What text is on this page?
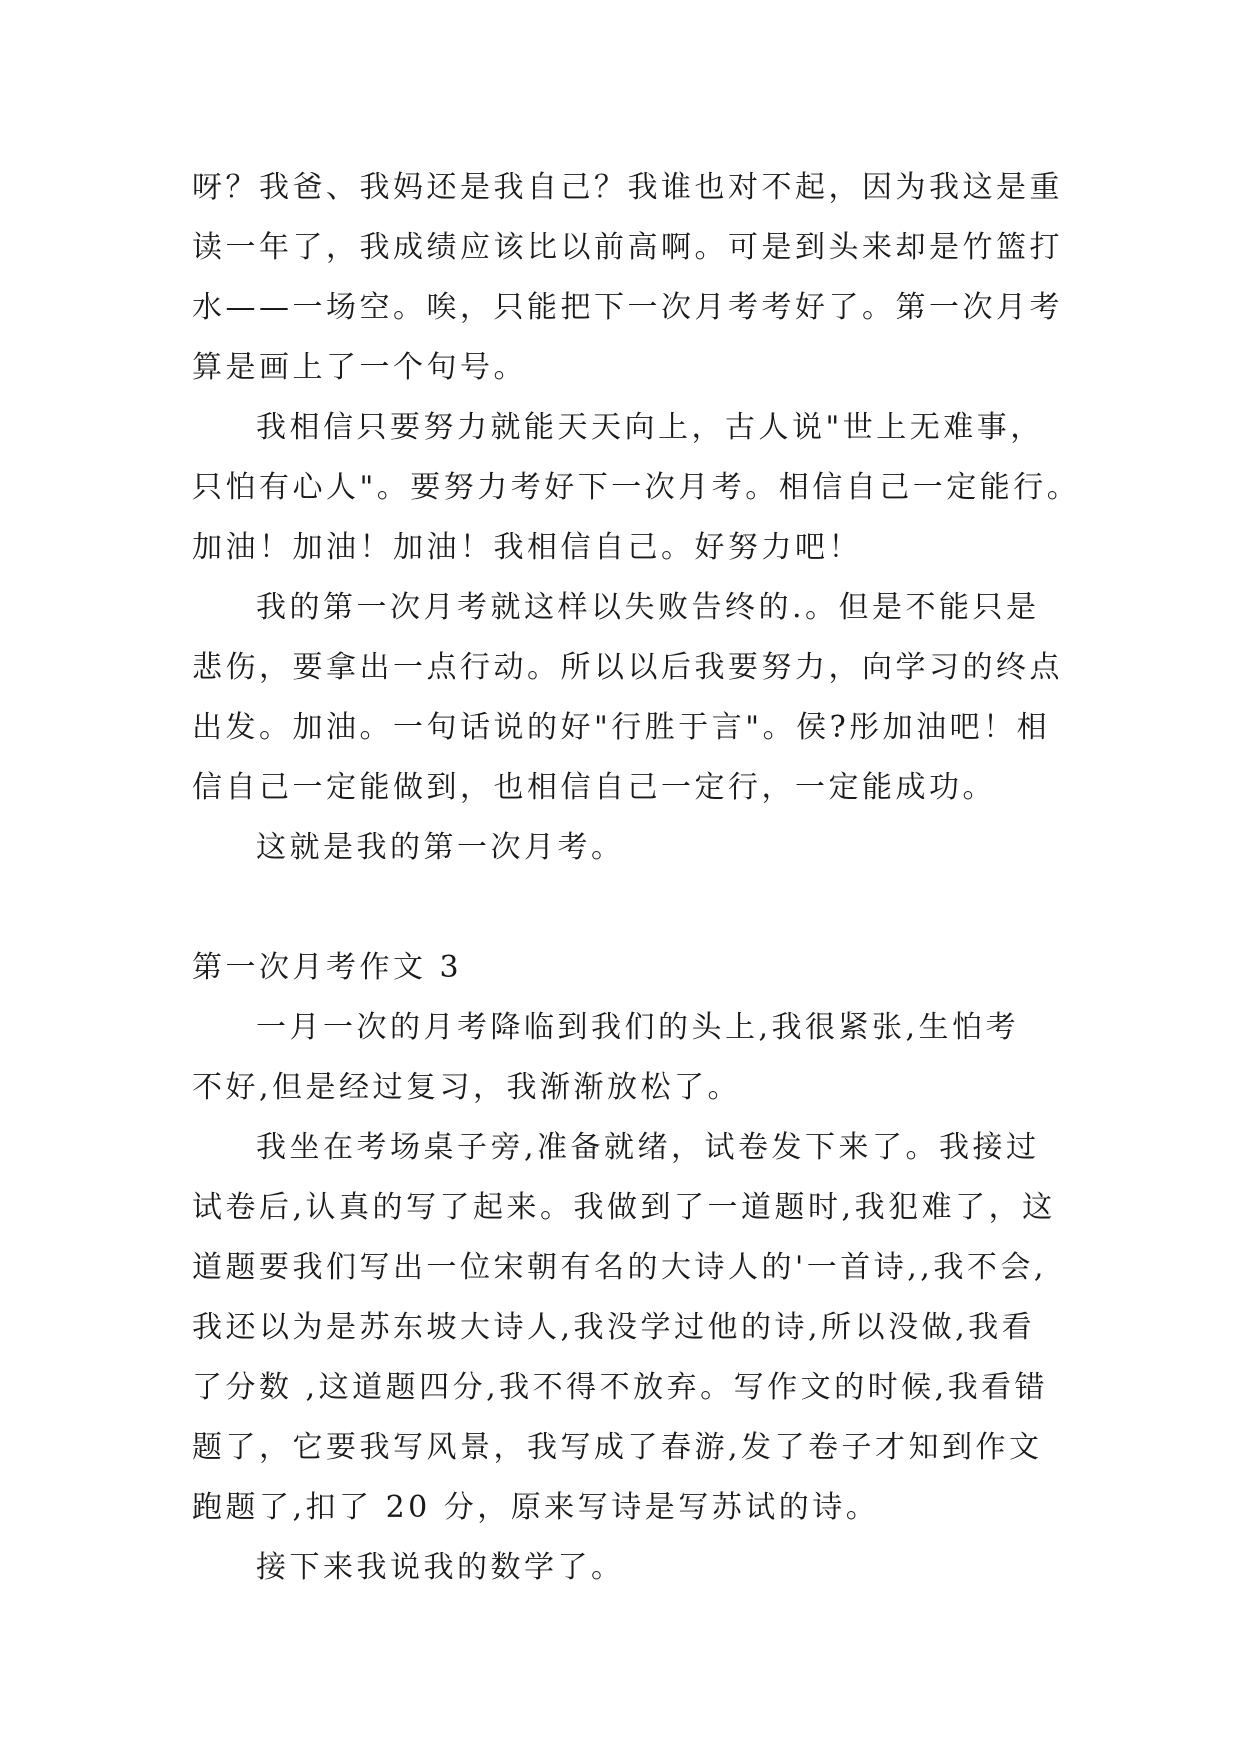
呀？我爸、我妈还是我自己？我谁也对不起，因为我这是重
读一年了，我成绩应该比以前高啊。可是到头来却是竹篮打
水——一场空。唉，只能把下一次月考考好了。第一次月考
算是画上了一个句号。
我相信只要努力就能天天向上，古人说"世上无难事，
只怕有心人"。要努力考好下一次月考。相信自己一定能行。
加油！加油！加油！我相信自己。好努力吧！
我的第一次月考就这样以失败告终的.。但是不能只是
悲伤，要拿出一点行动。所以以后我要努力，向学习的终点
出发。加油。一句话说的好"行胜于言"。侯?彤加油吧！相
信自己一定能做到，也相信自己一定行，一定能成功。
这就是我的第一次月考。
第一次月考作文 3
一月一次的月考降临到我们的头上,我很紧张,生怕考
不好,但是经过复习，我渐渐放松了。
我坐在考场桌子旁,准备就绪，试卷发下来了。我接过
试卷后,认真的写了起来。我做到了一道题时,我犯难了，这
道题要我们写出一位宋朝有名的大诗人的'一首诗,,我不会,
我还以为是苏东坡大诗人,我没学过他的诗,所以没做,我看
了分数 ,这道题四分,我不得不放弃。写作文的时候,我看错
题了，它要我写风景，我写成了春游,发了卷子才知到作文
跑题了,扣了 20 分，原来写诗是写苏试的诗。
接下来我说我的数学了。
